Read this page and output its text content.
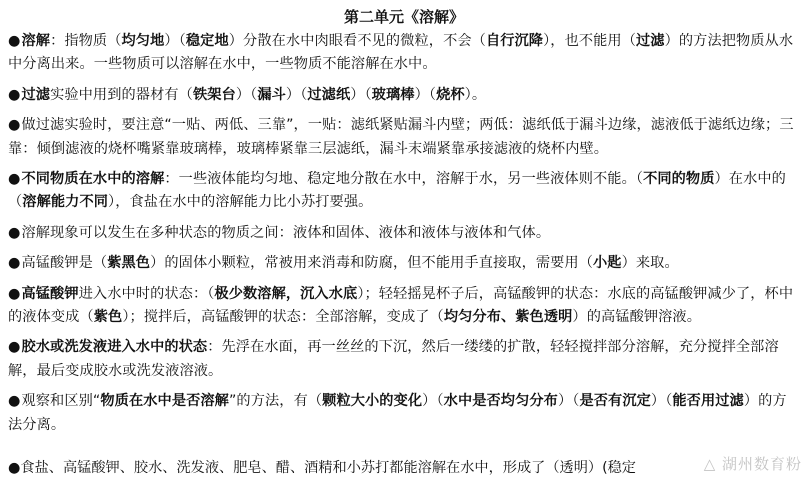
第二单元《溶解》
●溶解：指物质（均匀地）（稳定地）分散在水中肉眼看不见的微粒，不会（自行沉降），也不能用（过滤）的方法把物质从水中分离出来。一些物质可以溶解在水中，一些物质不能溶解在水中。
●过滤实验中用到的器材有（铁架台）（漏斗）（过滤纸）（玻璃棒）（烧杯）。
●做过滤实验时，要注意“一贴、两低、三靠”，一贴：滤纸紧贴漏斗内壁；两低：滤纸低于漏斗边缘，滤液低于滤纸边缘；三靠：倾倒滤液的烧杯嘴紧靠玻璃棒，玻璃棒紧靠三层滤纸，漏斗末端紧靠承接滤液的烧杯内壁。
●不同物质在水中的溶解：一些液体能均匀地、稳定地分散在水中，溶解于水，另一些液体则不能。（不同的物质）在水中的（溶解能力不同），食盐在水中的溶解能力比小苏打要强。
●溶解现象可以发生在多种状态的物质之间：液体和固体、液体和液体与液体和气体。
●高锰酸钾是（紫黑色）的固体小颗粒，常被用来消毒和防腐，但不能用手直接取，需要用（小匙）来取。
●高锰酸钾进入水中时的状态：（极少数溶解，沉入水底）；轻轻摇晃杯子后，高锰酸钾的状态：水底的高锰酸钾减少了，杯中的液体变成（紫色）；搅拌后，高锰酸钾的状态：全部溶解，变成了（均匀分布、紫色透明）的高锰酸钾溶液。
●胶水或洗发液进入水中的状态：先浮在水面，再一丝丝的下沉，然后一缕缕的扩散，轻轻搅拌部分溶解，充分搅拌全部溶解，最后变成胶水或洗发液溶液。
●观察和区别“物质在水中是否溶解”的方法，有（颗粒大小的变化）（水中是否均匀分布）（是否有沉定）（能否用过滤）的方法分离。
●食盐、高锰酸钾、胶水、洗发液、肥皂、醋、酒精和小苏打都能溶解在水中，形成了（透明）(稳定	△ 湖州数育粉
